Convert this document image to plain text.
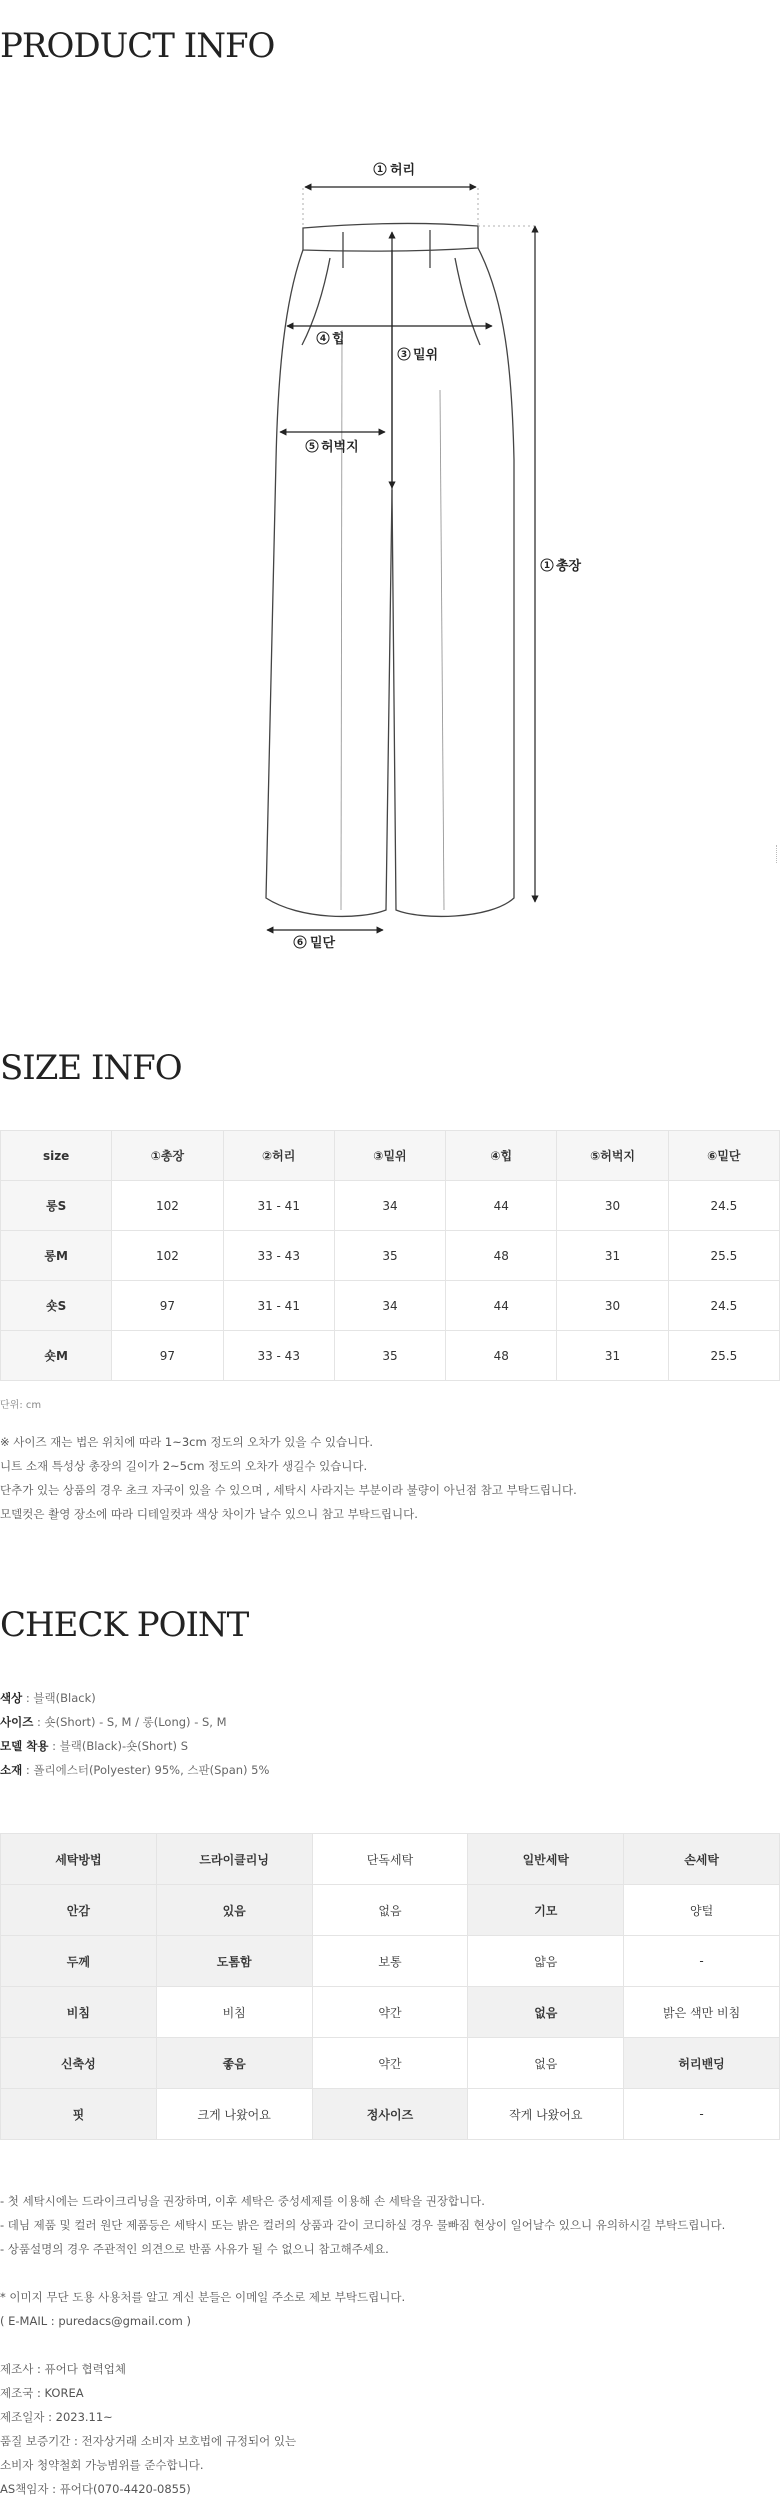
PRODUCT INFO
1 허리
4 힙
3 밑위
5 허벅지
1 총장
6 밑단
SIZE INFO
size	①총장	②허리	③밑위	④힙	⑤허벅지	⑥밑단
롱S	102	31 - 41	34	44	30	24.5
롱M	102	33 - 43	35	48	31	25.5
숏S	97	31 - 41	34	44	30	24.5
숏M	97	33 - 43	35	48	31	25.5
단위: cm
※ 사이즈 재는 법은 위치에 따라 1~3cm 정도의 오차가 있을 수 있습니다.
니트 소재 특성상 총장의 길이가 2~5cm 정도의 오차가 생길수 있습니다.
단추가 있는 상품의 경우 초크 자국이 있을 수 있으며 , 세탁시 사라지는 부분이라 불량이 아닌점 참고 부탁드립니다.
모델컷은 촬영 장소에 따라 디테일컷과 색상 차이가 날수 있으니 참고 부탁드립니다.
CHECK POINT
색상 : 블랙(Black)
사이즈 : 숏(Short) - S, M / 롱(Long) - S, M
모델 착용 : 블랙(Black)-숏(Short) S
소재 : 폴리에스터(Polyester) 95%, 스판(Span) 5%
세탁방법	드라이클리닝	단독세탁	일반세탁	손세탁
안감	있음	없음	기모	양털
두께	도톰함	보통	얇음	-
비침	비침	약간	없음	밝은 색만 비침
신축성	좋음	약간	없음	허리밴딩
핏	크게 나왔어요	정사이즈	작게 나왔어요	-
- 첫 세탁시에는 드라이크리닝을 권장하며, 이후 세탁은 중성세제를 이용해 손 세탁을 권장합니다.
- 데님 제품 및 컬러 원단 제품등은 세탁시 또는 밝은 컬러의 상품과 같이 코디하실 경우 물빠짐 현상이 일어날수 있으니 유의하시길 부탁드립니다.
- 상품설명의 경우 주관적인 의견으로 반품 사유가 될 수 없으니 참고해주세요.
* 이미지 무단 도용 사용처를 알고 계신 분들은 이메일 주소로 제보 부탁드립니다.
( E-MAIL : puredacs@gmail.com )
제조사 : 퓨어다 협력업체
제조국 : KOREA
제조일자 : 2023.11~
품질 보증기간 : 전자상거래 소비자 보호법에 규정되어 있는
소비자 청약철회 가능범위를 준수합니다.
AS책임자 : 퓨어다(070-4420-0855)
